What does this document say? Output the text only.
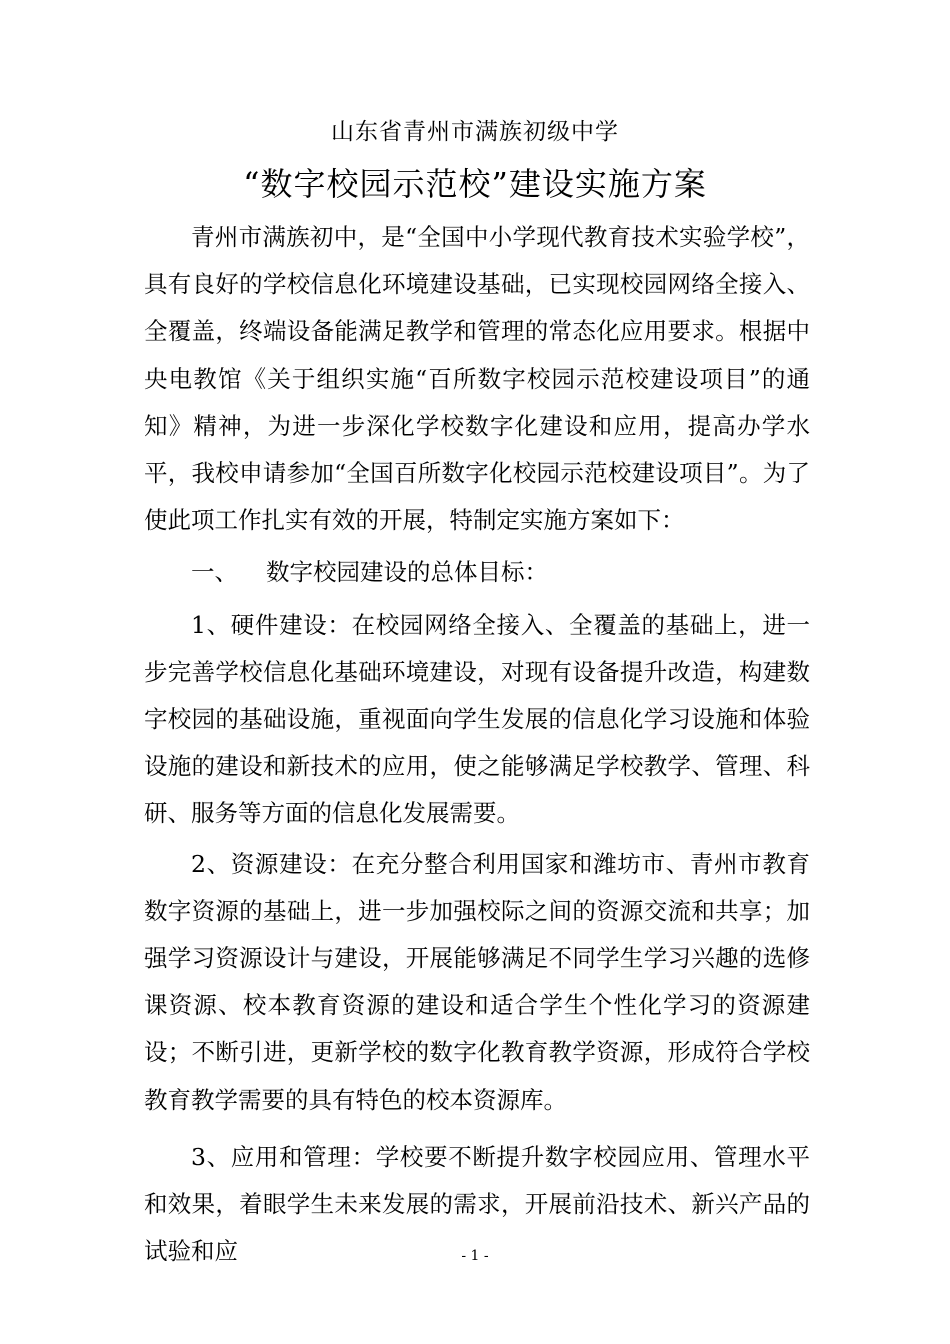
山东省青州市满族初级中学
“数字校园示范校”建设实施方案

青州市满族初中，是“全国中小学现代教育技术实验学校”，具有良好的学校信息化环境建设基础，已实现校园网络全接入、全覆盖，终端设备能满足教学和管理的常态化应用要求。根据中央电教馆《关于组织实施“百所数字校园示范校建设项目”的通知》精神，为进一步深化学校数字化建设和应用，提高办学水平，我校申请参加“全国百所数字化校园示范校建设项目”。为了使此项工作扎实有效的开展，特制定实施方案如下：

一、 数字校园建设的总体目标：

1、硬件建设：在校园网络全接入、全覆盖的基础上，进一步完善学校信息化基础环境建设，对现有设备提升改造，构建数字校园的基础设施，重视面向学生发展的信息化学习设施和体验设施的建设和新技术的应用，使之能够满足学校教学、管理、科研、服务等方面的信息化发展需要。

2、资源建设：在充分整合利用国家和潍坊市、青州市教育数字资源的基础上，进一步加强校际之间的资源交流和共享；加强学习资源设计与建设，开展能够满足不同学生学习兴趣的选修课资源、校本教育资源的建设和适合学生个性化学习的资源建设；不断引进，更新学校的数字化教育教学资源，形成符合学校教育教学需要的具有特色的校本资源库。

3、应用和管理：学校要不断提升数字校园应用、管理水平和效果，着眼学生未来发展的需求，开展前沿技术、新兴产品的试验和应	- 1 -
